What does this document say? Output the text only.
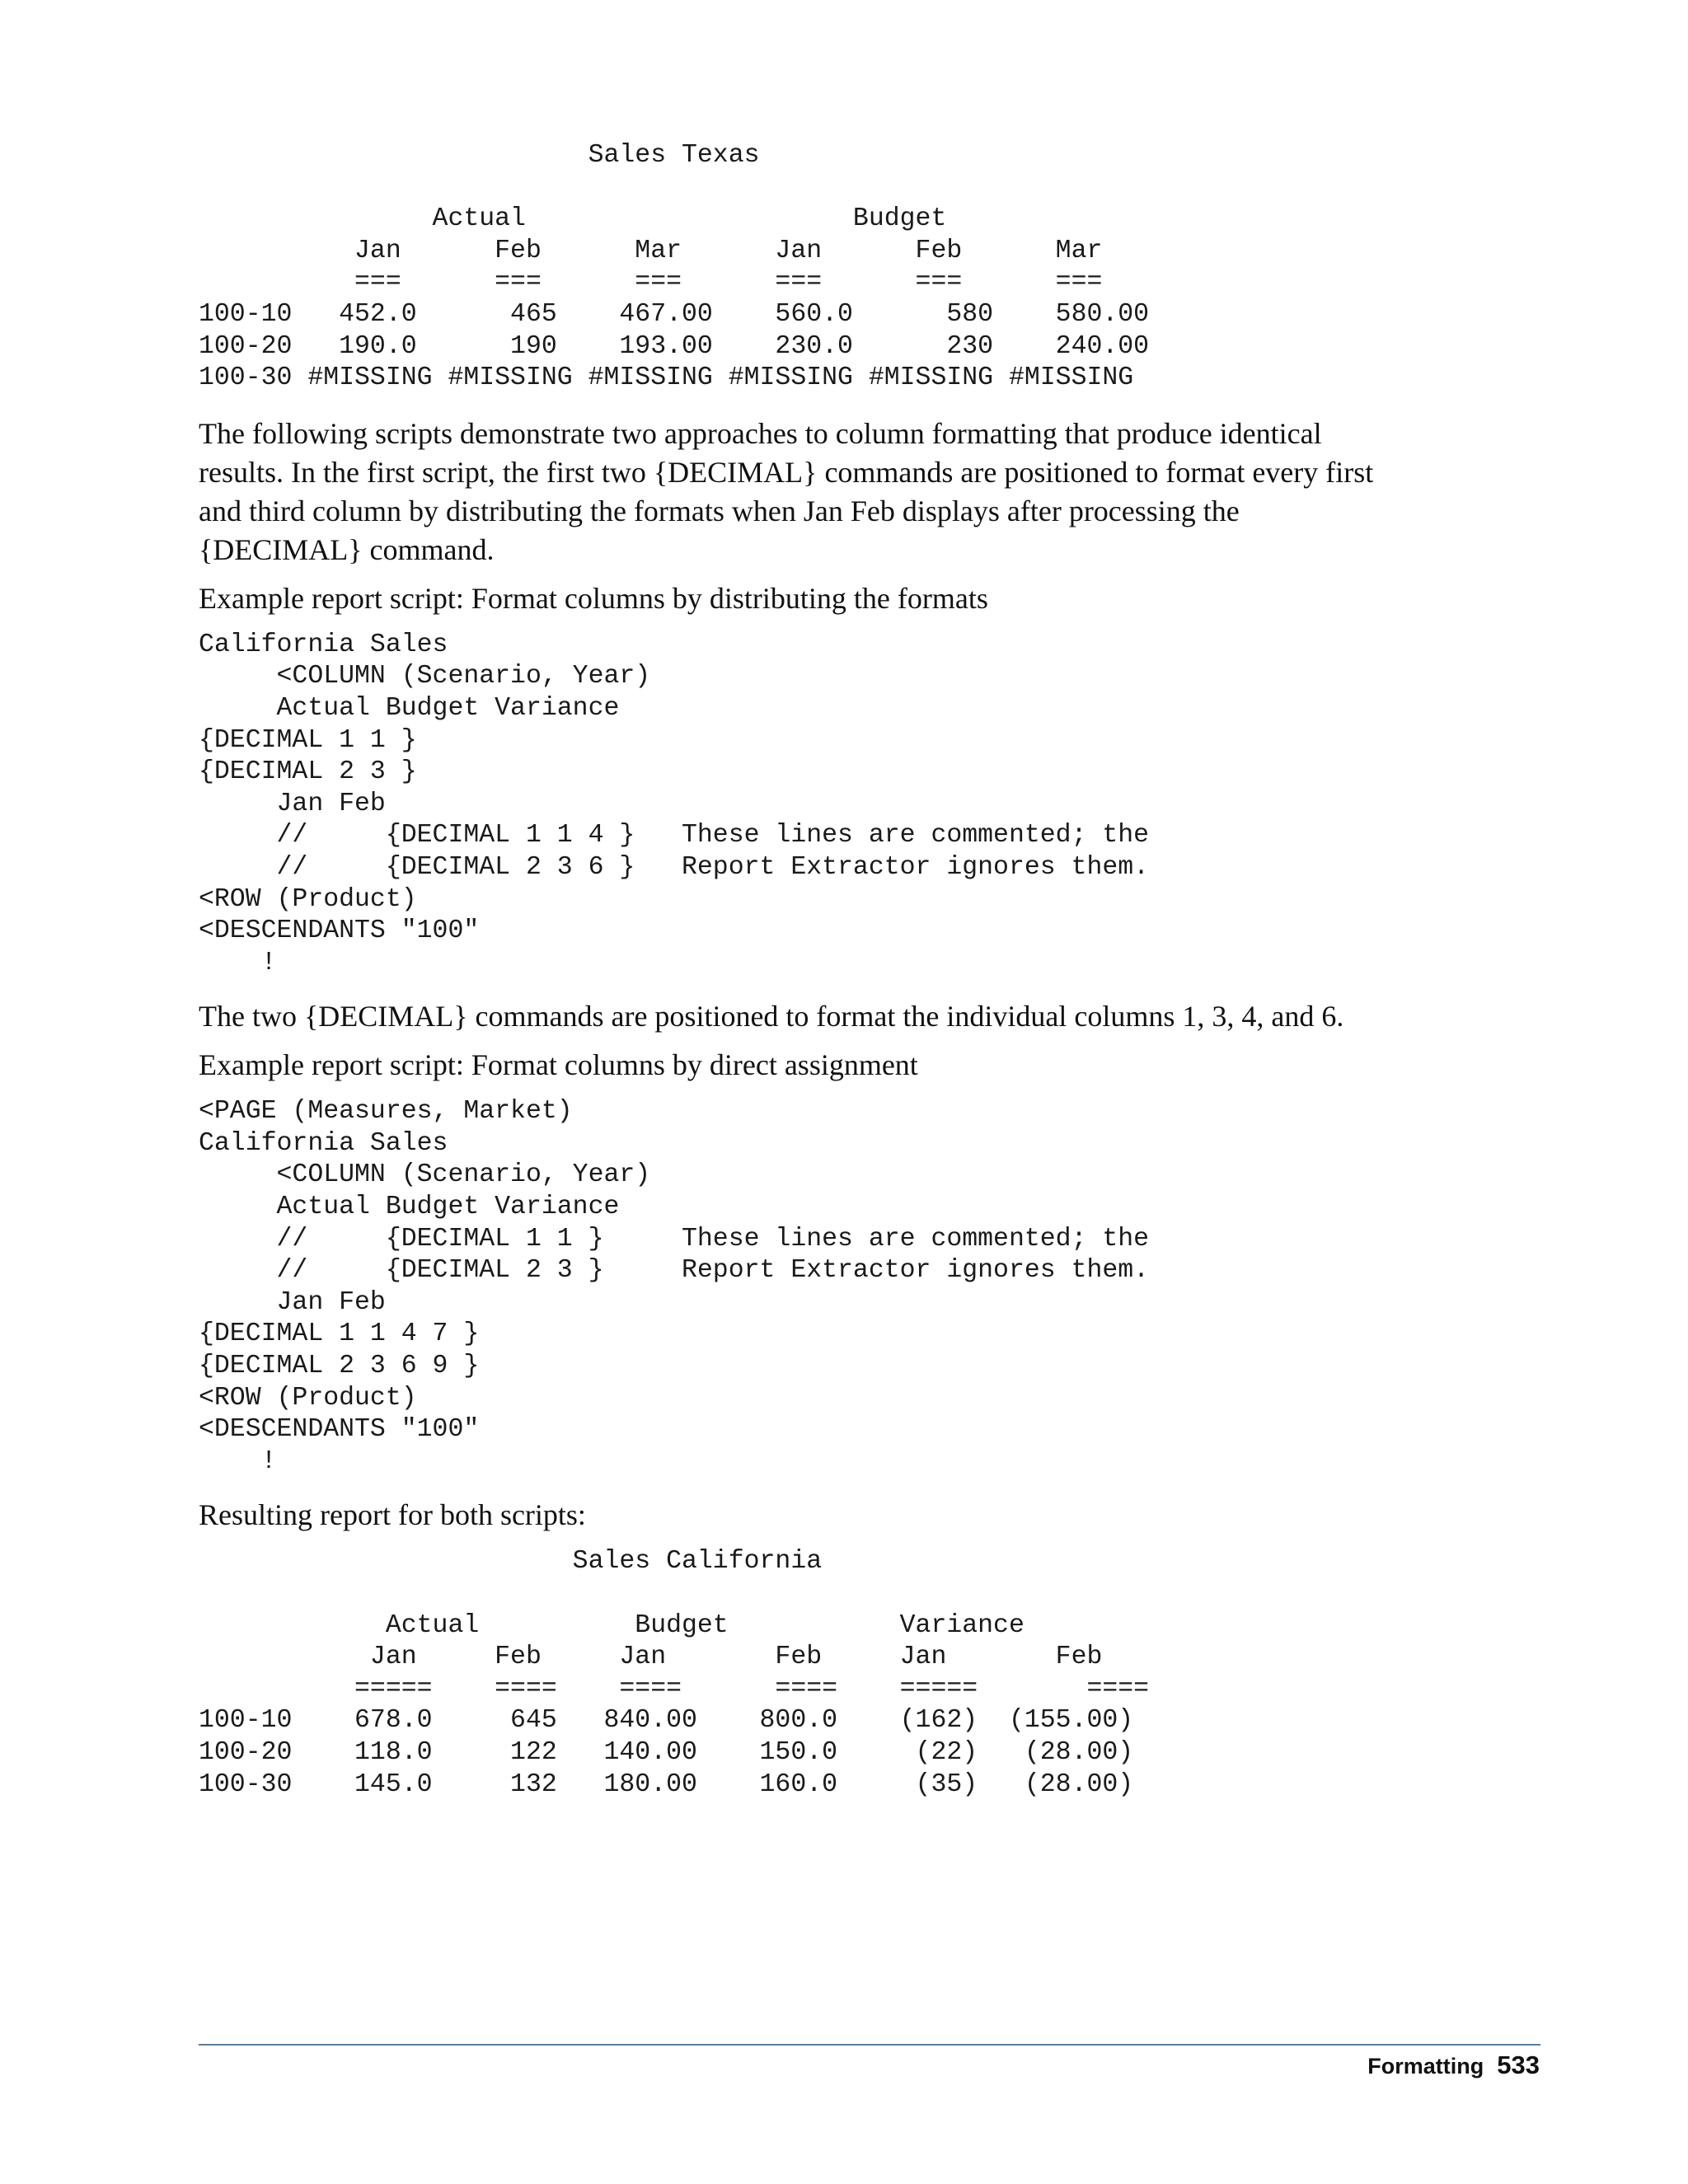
Sales Texas

Actual                     Budget
Jan      Feb      Mar      Jan      Feb      Mar
===      ===      ===      ===      ===      ===
100-10   452.0      465    467.00    560.0      580    580.00
100-20   190.0      190    193.00    230.0      230    240.00
100-30 #MISSING #MISSING #MISSING #MISSING #MISSING #MISSING

The following scripts demonstrate two approaches to column formatting that produce identical results. In the first script, the first two {DECIMAL} commands are positioned to format every first and third column by distributing the formats when Jan Feb displays after processing the {DECIMAL} command.

Example report script: Format columns by distributing the formats

California Sales
<COLUMN (Scenario, Year)
Actual Budget Variance
{DECIMAL 1 1 }
{DECIMAL 2 3 }
Jan Feb
//     {DECIMAL 1 1 4 }   These lines are commented; the
//     {DECIMAL 2 3 6 }   Report Extractor ignores them.
<ROW (Product)
<DESCENDANTS "100"
!

The two {DECIMAL} commands are positioned to format the individual columns 1, 3, 4, and 6.

Example report script: Format columns by direct assignment

<PAGE (Measures, Market)
California Sales
<COLUMN (Scenario, Year)
Actual Budget Variance
//     {DECIMAL 1 1 }     These lines are commented; the
//     {DECIMAL 2 3 }     Report Extractor ignores them.
Jan Feb
{DECIMAL 1 1 4 7 }
{DECIMAL 2 3 6 9 }
<ROW (Product)
<DESCENDANTS "100"
!

Resulting report for both scripts:

Sales California

Actual          Budget           Variance
Jan     Feb     Jan       Feb     Jan       Feb
=====    ====    ====      ====    =====       ====
100-10    678.0     645   840.00    800.0    (162)  (155.00)
100-20    118.0     122   140.00    150.0     (22)   (28.00)
100-30    145.0     132   180.00    160.0     (35)   (28.00)
Formatting 533
